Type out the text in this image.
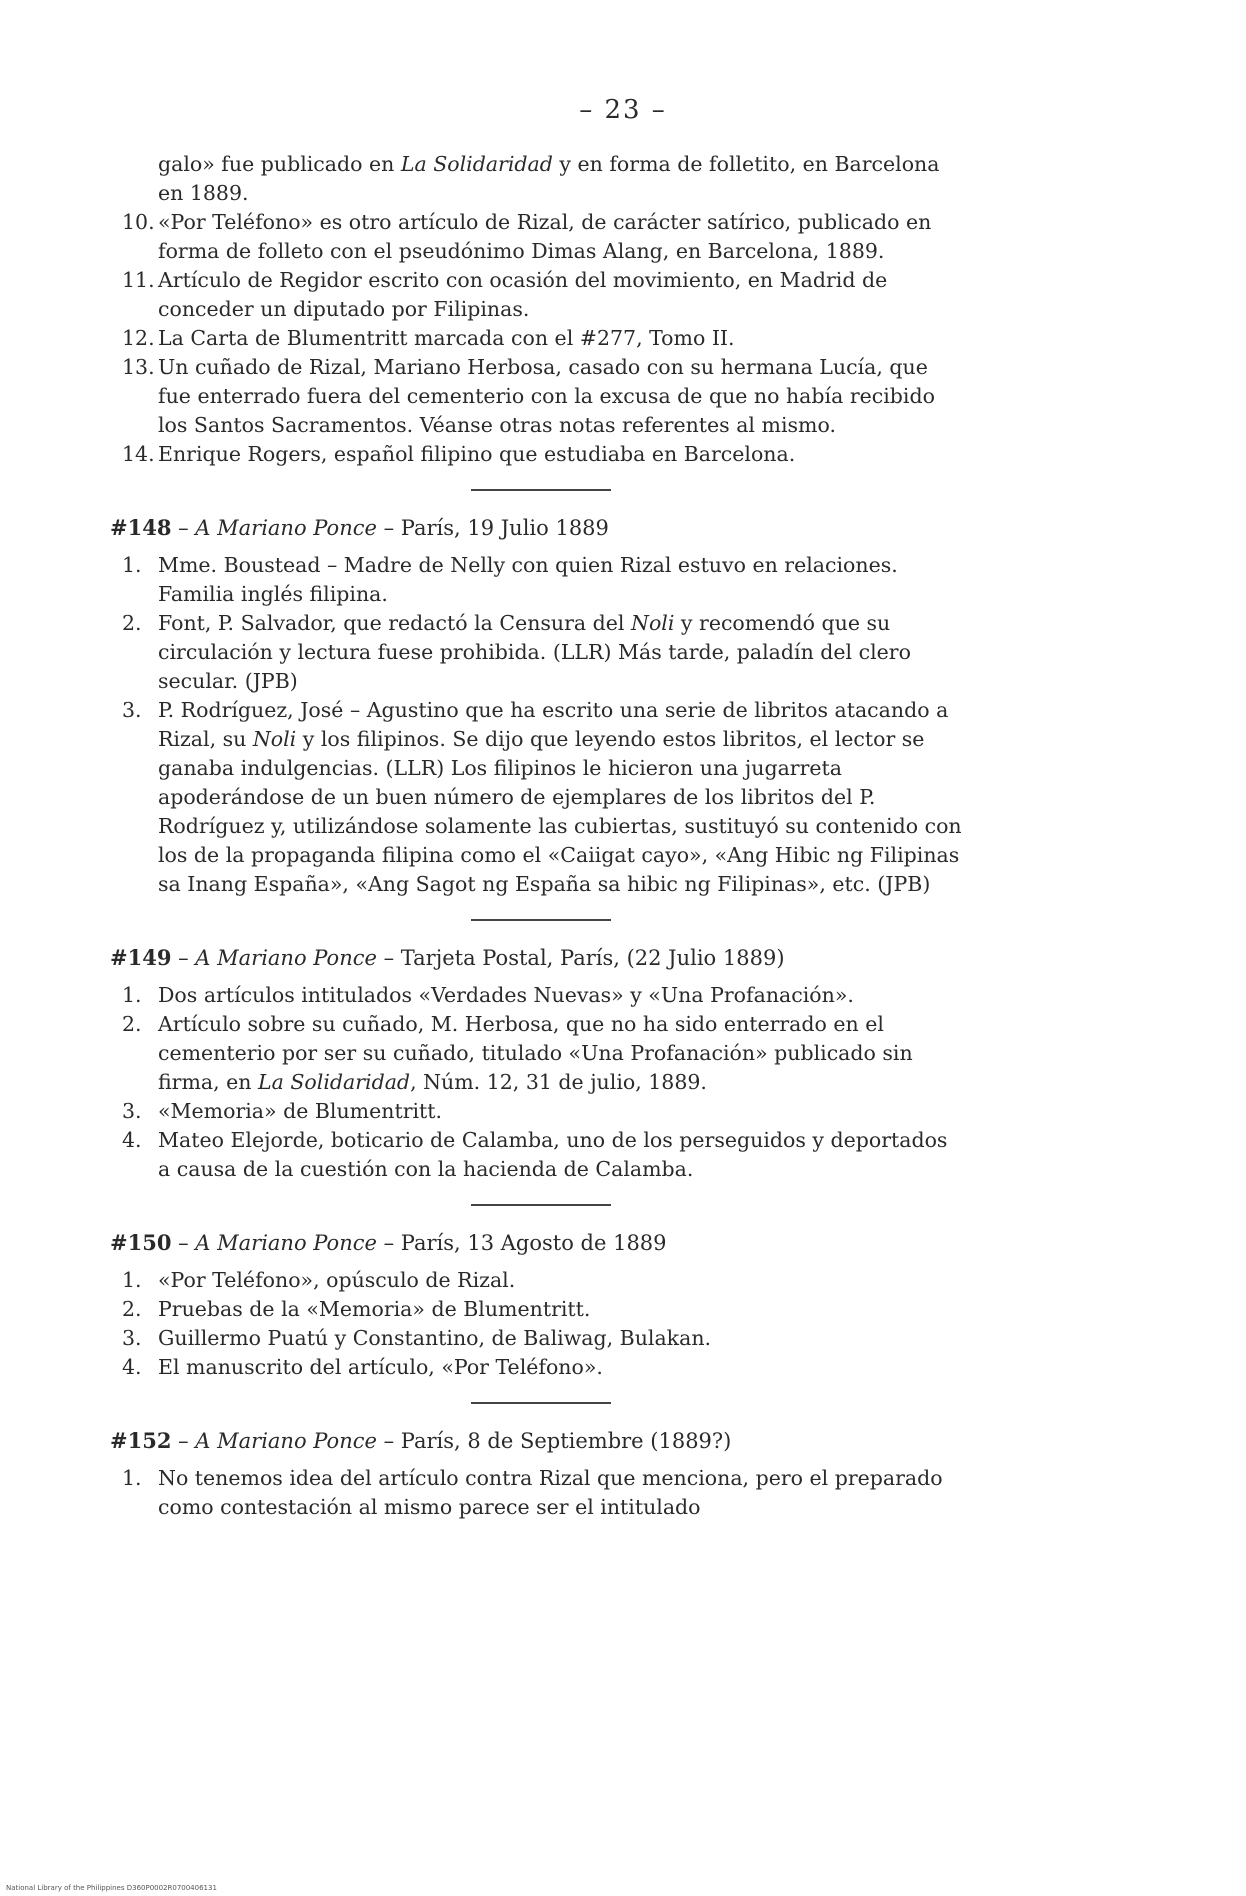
– 23 –

galo» fue publicado en La Solidaridad y en forma de folletito, en Barcelona en 1889.

10. «Por Teléfono» es otro artículo de Rizal, de carácter satírico, publicado en forma de folleto con el pseudónimo Dimas Alang, en Barcelona, 1889.

11. Artículo de Regidor escrito con ocasión del movimiento, en Madrid de conceder un diputado por Filipinas.

12. La Carta de Blumentritt marcada con el #277, Tomo II.

13. Un cuñado de Rizal, Mariano Herbosa, casado con su hermana Lucía, que fue enterrado fuera del cementerio con la excusa de que no había recibido los Santos Sacramentos. Véanse otras notas referentes al mismo.

14. Enrique Rogers, español filipino que estudiaba en Barcelona.

#148 – A Mariano Ponce – París, 19 Julio 1889

1. Mme. Boustead – Madre de Nelly con quien Rizal estuvo en relaciones. Familia inglés filipina.

2. Font, P. Salvador, que redactó la Censura del Noli y recomendó que su circulación y lectura fuese prohibida. (LLR) Más tarde, paladín del clero secular. (JPB)

3. P. Rodríguez, José – Agustino que ha escrito una serie de libritos atacando a Rizal, su Noli y los filipinos. Se dijo que leyendo estos libritos, el lector se ganaba indulgencias. (LLR) Los filipinos le hicieron una jugarreta apoderándose de un buen número de ejemplares de los libritos del P. Rodríguez y, utilizándose solamente las cubiertas, sustituyó su contenido con los de la propaganda filipina como el «Caiigat cayo», «Ang Hibic ng Filipinas sa Inang España», «Ang Sagot ng España sa hibic ng Filipinas», etc. (JPB)

#149 – A Mariano Ponce – Tarjeta Postal, París, (22 Julio 1889)

1. Dos artículos intitulados «Verdades Nuevas» y «Una Profanación».

2. Artículo sobre su cuñado, M. Herbosa, que no ha sido enterrado en el cementerio por ser su cuñado, titulado «Una Profanación» publicado sin firma, en La Solidaridad, Núm. 12, 31 de julio, 1889.

3. «Memoria» de Blumentritt.

4. Mateo Elejorde, boticario de Calamba, uno de los perseguidos y deportados a causa de la cuestión con la hacienda de Calamba.

#150 – A Mariano Ponce – París, 13 Agosto de 1889

1. «Por Teléfono», opúsculo de Rizal.

2. Pruebas de la «Memoria» de Blumentritt.

3. Guillermo Puatú y Constantino, de Baliwag, Bulakan.

4. El manuscrito del artículo, «Por Teléfono».

#152 – A Mariano Ponce – París, 8 de Septiembre (1889?)

1. No tenemos idea del artículo contra Rizal que menciona, pero el preparado como contestación al mismo parece ser el intitulado

National Library of the Philippines D360P0002R0700406131
